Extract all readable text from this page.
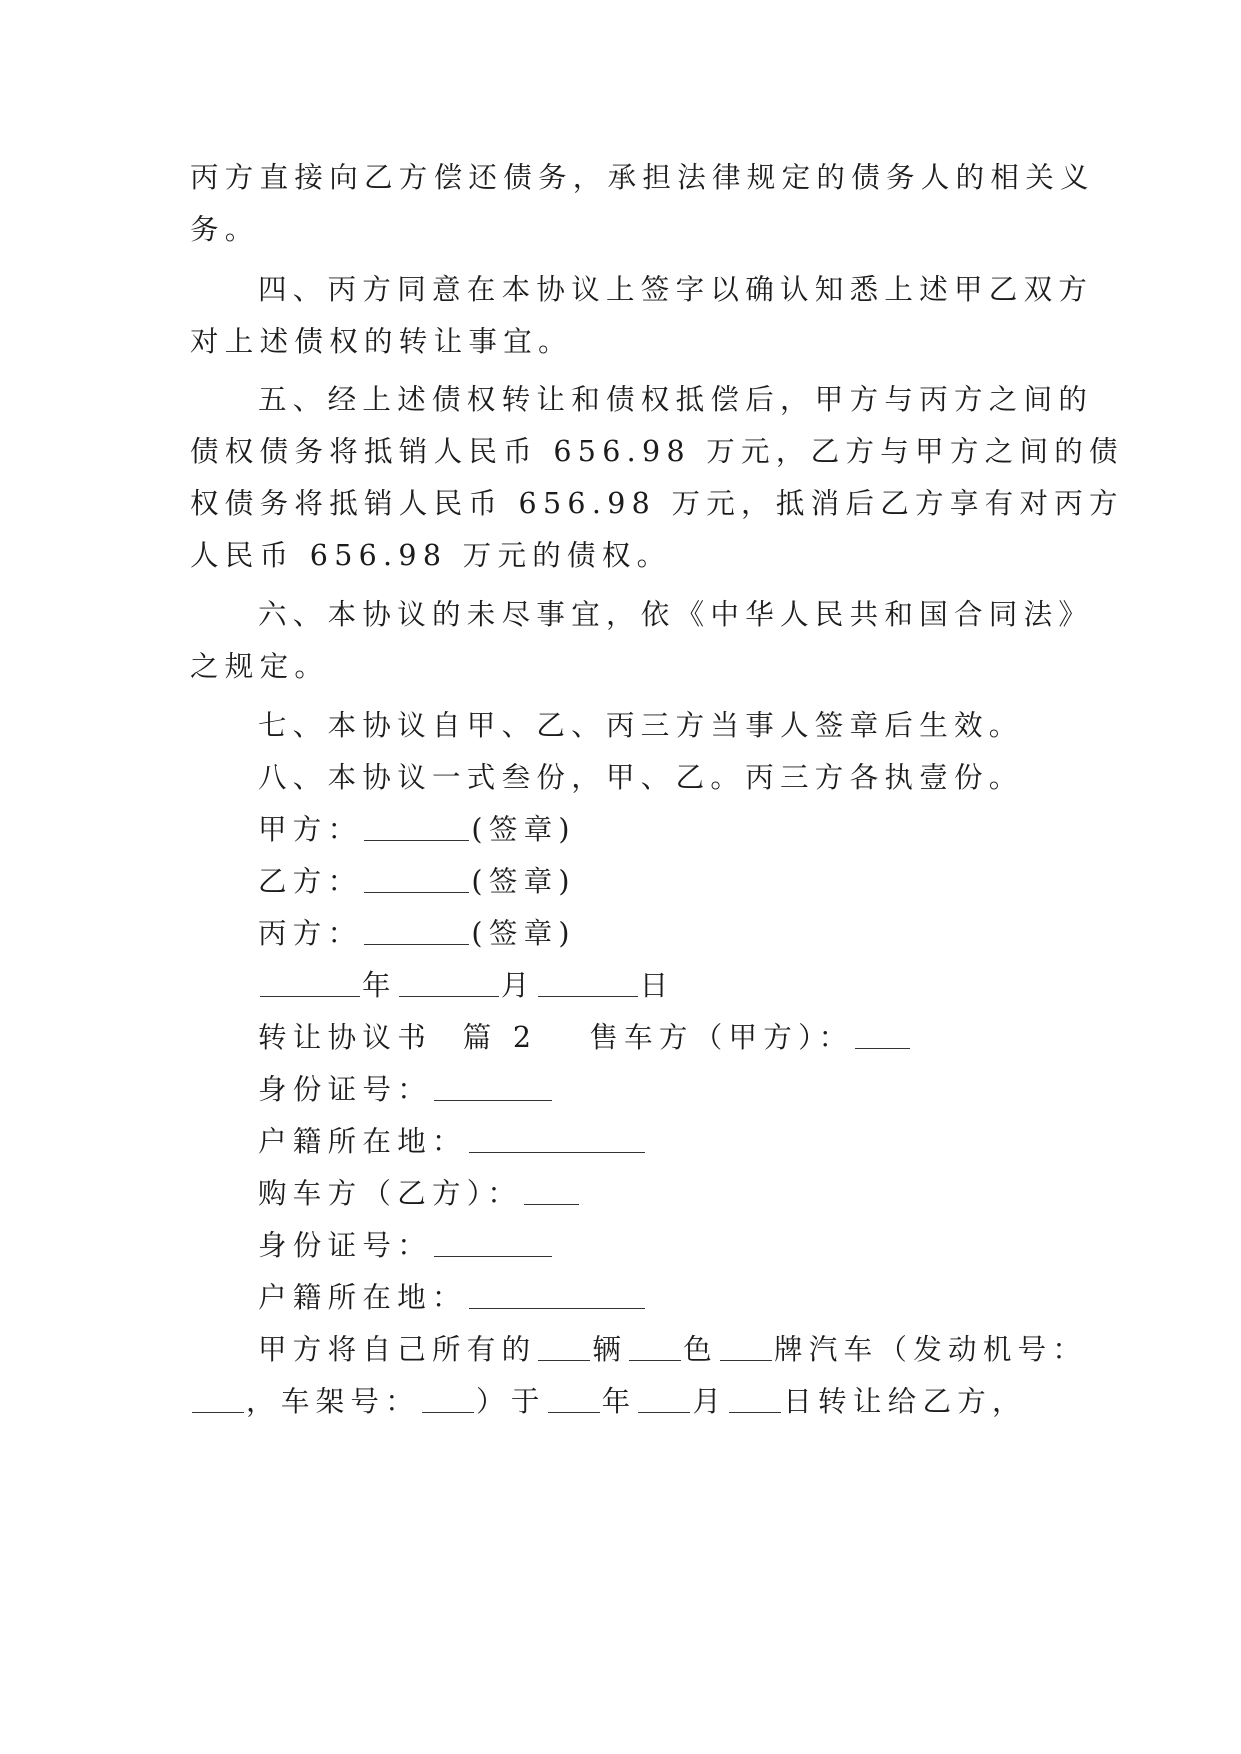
丙方直接向乙方偿还债务，承担法律规定的债务人的相关义
务。
四、丙方同意在本协议上签字以确认知悉上述甲乙双方
对上述债权的转让事宜。
五、经上述债权转让和债权抵偿后，甲方与丙方之间的
债权债务将抵销人民币 656.98 万元，乙方与甲方之间的债
权债务将抵销人民币 656.98 万元，抵消后乙方享有对丙方
人民币 656.98 万元的债权。
六、本协议的未尽事宜，依《中华人民共和国合同法》
之规定。
七、本协议自甲、乙、丙三方当事人签章后生效。
八、本协议一式叁份，甲、乙。丙三方各执壹份。
甲方：	(签章)
乙方：	(签章)
丙方：	(签章)
年	月	日
转让协议书  篇 2 售车方（甲方）：
身份证号：
户籍所在地：
购车方（乙方）：
身份证号：
户籍所在地：
甲方将自己所有的 辆 色 牌汽车（发动机号：
，车架号： ）于 年 月 日转让给乙方，
